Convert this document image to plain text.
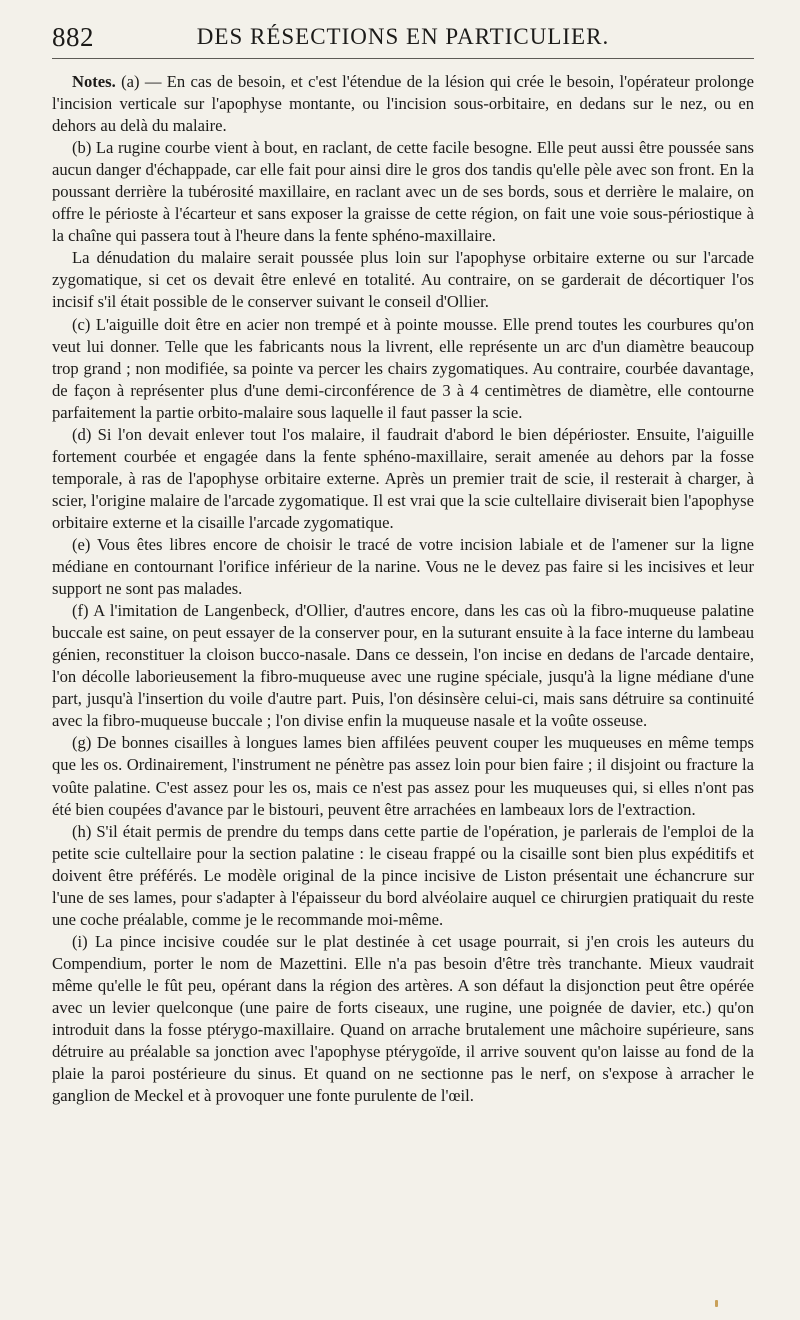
882	DES RÉSECTIONS EN PARTICULIER.

Notes. (a) — En cas de besoin, et c'est l'étendue de la lésion qui crée le besoin, l'opérateur prolonge l'incision verticale sur l'apophyse montante, ou l'incision sous-orbitaire, en dedans sur le nez, ou en dehors au delà du malaire.

(b) La rugine courbe vient à bout, en raclant, de cette facile besogne. Elle peut aussi être poussée sans aucun danger d'échappade, car elle fait pour ainsi dire le gros dos tandis qu'elle pèle avec son front. En la poussant derrière la tubérosité maxillaire, en raclant avec un de ses bords, sous et derrière le malaire, on offre le périoste à l'écarteur et sans exposer la graisse de cette région, on fait une voie sous-périostique à la chaîne qui passera tout à l'heure dans la fente sphéno-maxillaire.

La dénudation du malaire serait poussée plus loin sur l'apophyse orbitaire externe ou sur l'arcade zygomatique, si cet os devait être enlevé en totalité. Au contraire, on se garderait de décortiquer l'os incisif s'il était possible de le conserver suivant le conseil d'Ollier.

(c) L'aiguille doit être en acier non trempé et à pointe mousse. Elle prend toutes les courbures qu'on veut lui donner. Telle que les fabricants nous la livrent, elle représente un arc d'un diamètre beaucoup trop grand ; non modifiée, sa pointe va percer les chairs zygomatiques. Au contraire, courbée davantage, de façon à représenter plus d'une demi-circonférence de 3 à 4 centimètres de diamètre, elle contourne parfaitement la partie orbito-malaire sous laquelle il faut passer la scie.

(d) Si l'on devait enlever tout l'os malaire, il faudrait d'abord le bien dépérioster. Ensuite, l'aiguille fortement courbée et engagée dans la fente sphéno-maxillaire, serait amenée au dehors par la fosse temporale, à ras de l'apophyse orbitaire externe. Après un premier trait de scie, il resterait à charger, à scier, l'origine malaire de l'arcade zygomatique. Il est vrai que la scie cultellaire diviserait bien l'apophyse orbitaire externe et la cisaille l'arcade zygomatique.

(e) Vous êtes libres encore de choisir le tracé de votre incision labiale et de l'amener sur la ligne médiane en contournant l'orifice inférieur de la narine. Vous ne le devez pas faire si les incisives et leur support ne sont pas malades.

(f) A l'imitation de Langenbeck, d'Ollier, d'autres encore, dans les cas où la fibro-muqueuse palatine buccale est saine, on peut essayer de la conserver pour, en la suturant ensuite à la face interne du lambeau génien, reconstituer la cloison bucco-nasale. Dans ce dessein, l'on incise en dedans de l'arcade dentaire, l'on décolle laborieusement la fibro-muqueuse avec une rugine spéciale, jusqu'à la ligne médiane d'une part, jusqu'à l'insertion du voile d'autre part. Puis, l'on désinsère celui-ci, mais sans détruire sa continuité avec la fibro-muqueuse buccale ; l'on divise enfin la muqueuse nasale et la voûte osseuse.

(g) De bonnes cisailles à longues lames bien affilées peuvent couper les muqueuses en même temps que les os. Ordinairement, l'instrument ne pénètre pas assez loin pour bien faire ; il disjoint ou fracture la voûte palatine. C'est assez pour les os, mais ce n'est pas assez pour les muqueuses qui, si elles n'ont pas été bien coupées d'avance par le bistouri, peuvent être arrachées en lambeaux lors de l'extraction.

(h) S'il était permis de prendre du temps dans cette partie de l'opération, je parlerais de l'emploi de la petite scie cultellaire pour la section palatine : le ciseau frappé ou la cisaille sont bien plus expéditifs et doivent être préférés. Le modèle original de la pince incisive de Liston présentait une échancrure sur l'une de ses lames, pour s'adapter à l'épaisseur du bord alvéolaire auquel ce chirurgien pratiquait du reste une coche préalable, comme je le recommande moi-même.

(i) La pince incisive coudée sur le plat destinée à cet usage pourrait, si j'en crois les auteurs du Compendium, porter le nom de Mazettini. Elle n'a pas besoin d'être très tranchante. Mieux vaudrait même qu'elle le fût peu, opérant dans la région des artères. A son défaut la disjonction peut être opérée avec un levier quelconque (une paire de forts ciseaux, une rugine, une poignée de davier, etc.) qu'on introduit dans la fosse ptérygo-maxillaire. Quand on arrache brutalement une mâchoire supérieure, sans détruire au préalable sa jonction avec l'apophyse ptérygoïde, il arrive souvent qu'on laisse au fond de la plaie la paroi postérieure du sinus. Et quand on ne sectionne pas le nerf, on s'expose à arracher le ganglion de Meckel et à provoquer une fonte purulente de l'œil.
